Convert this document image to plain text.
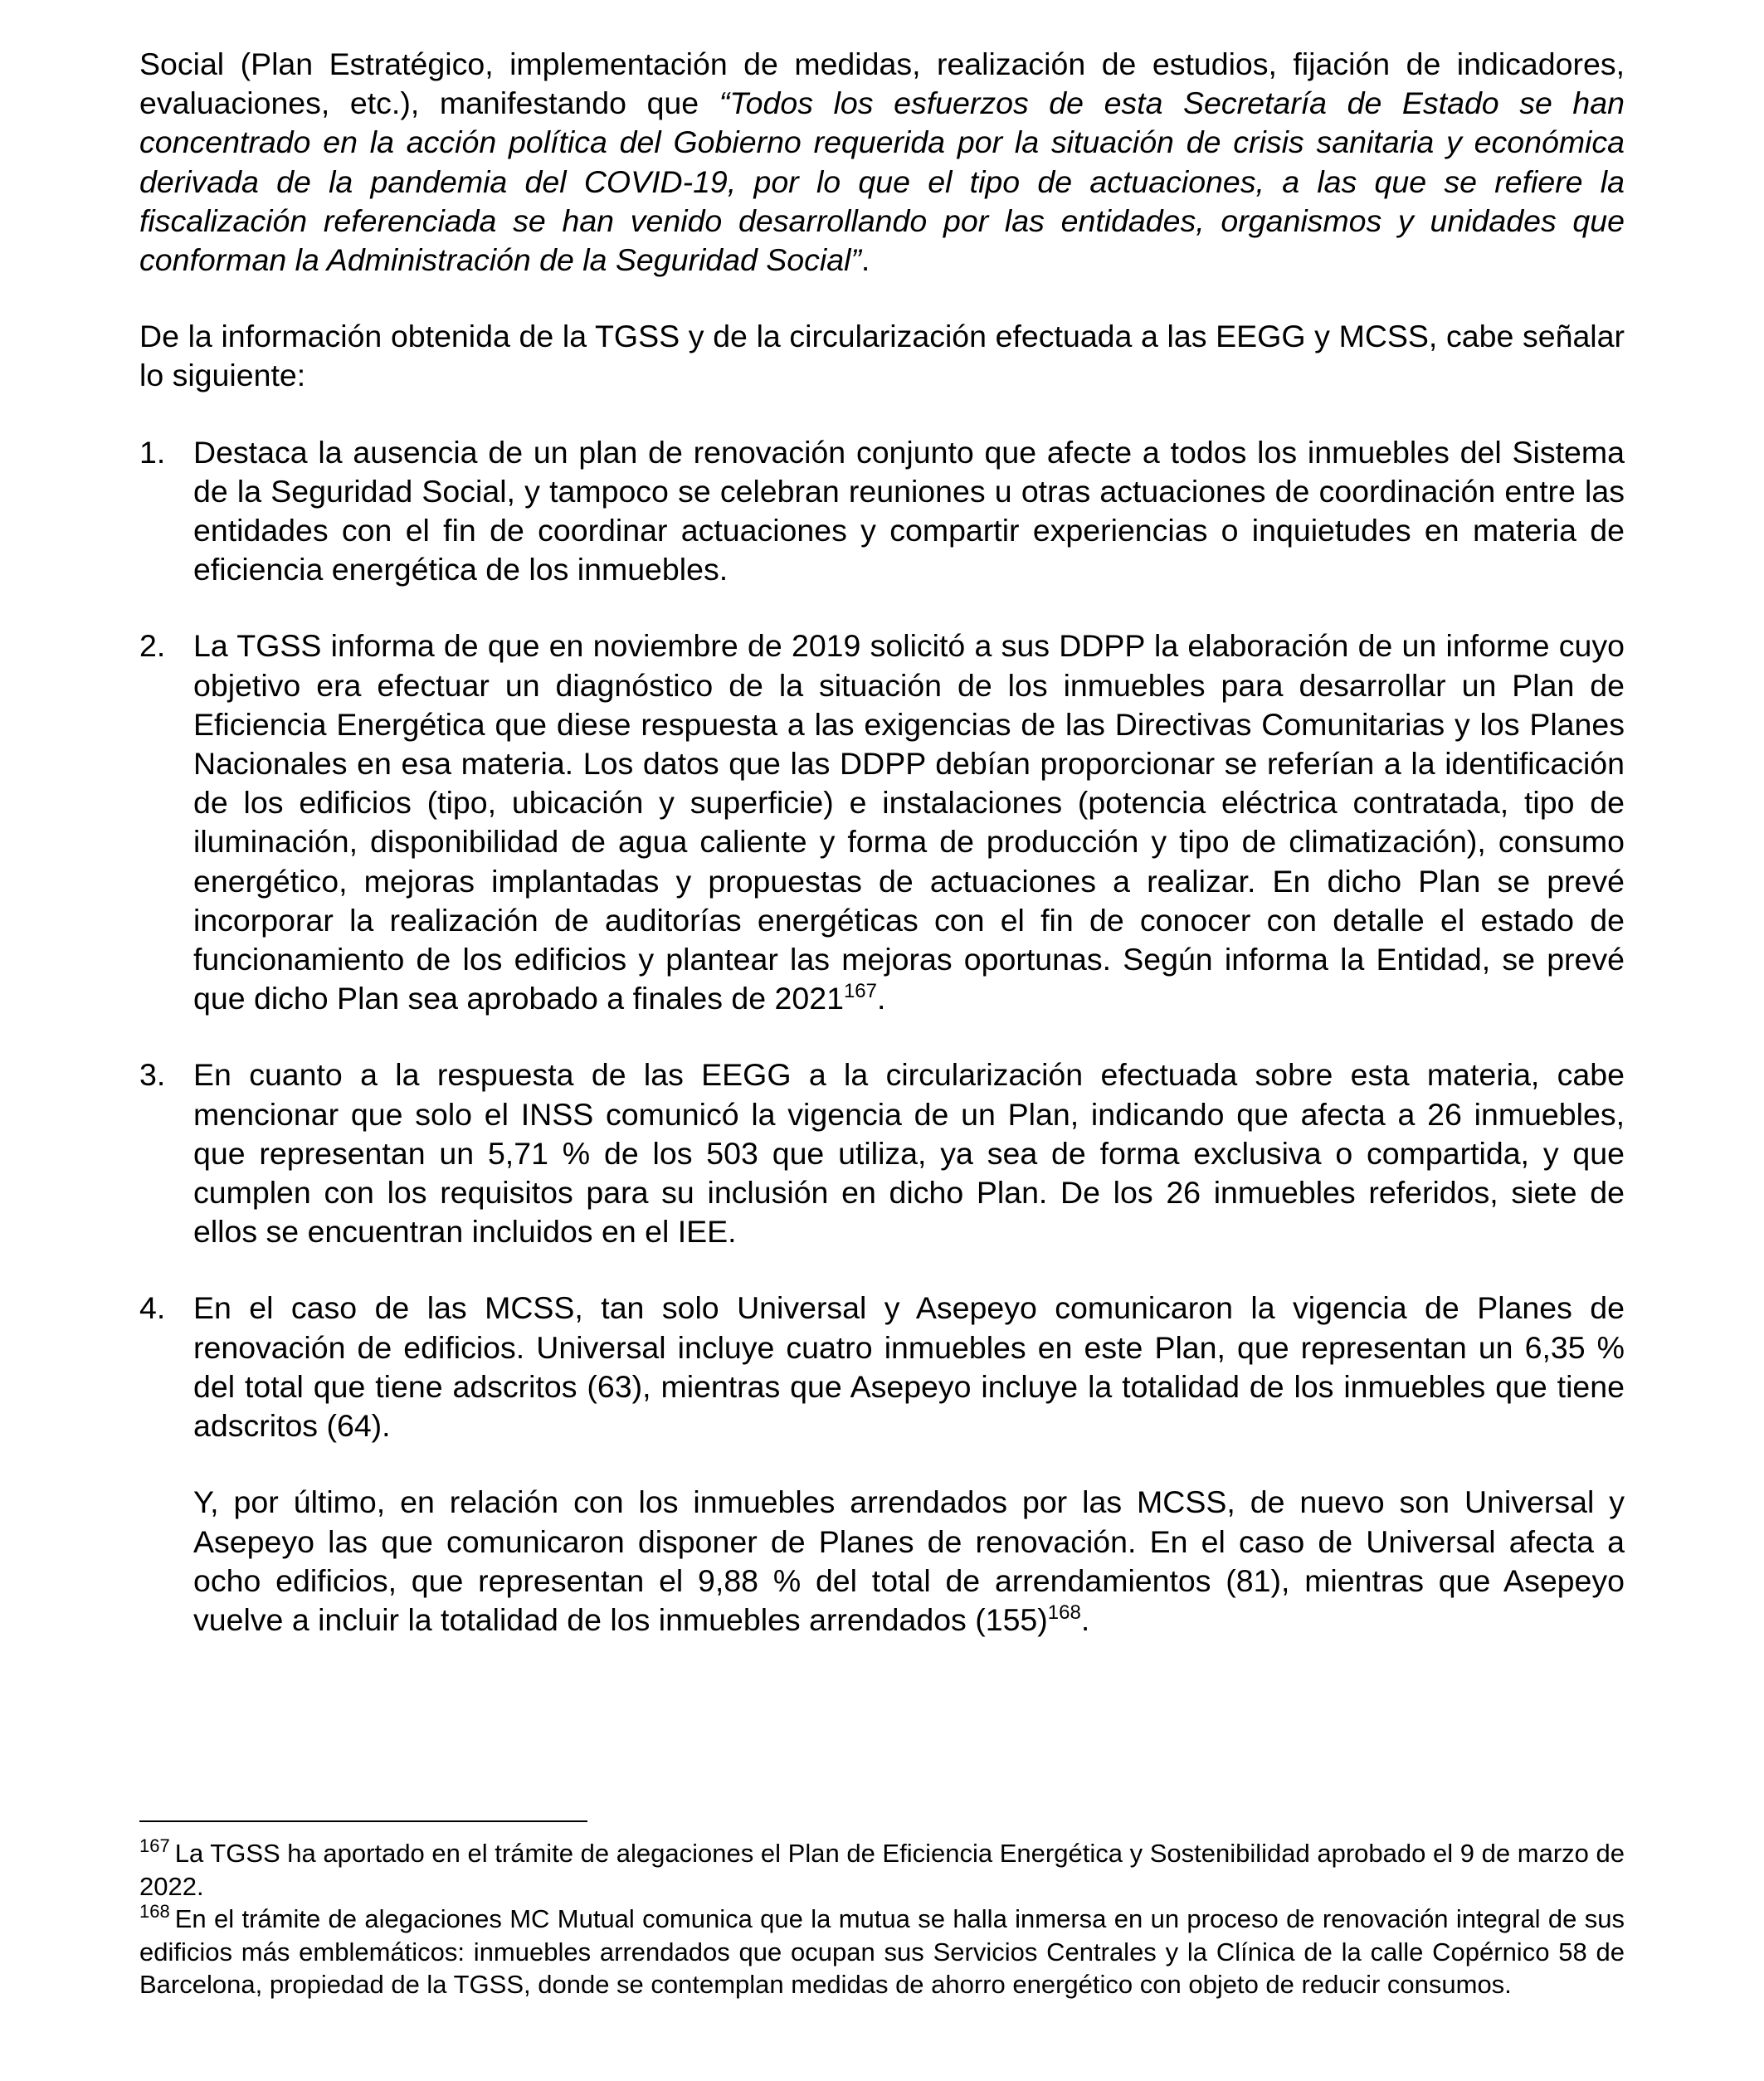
Social (Plan Estratégico, implementación de medidas, realización de estudios, fijación de indicadores, evaluaciones, etc.), manifestando que “Todos los esfuerzos de esta Secretaría de Estado se han concentrado en la acción política del Gobierno requerida por la situación de crisis sanitaria y económica derivada de la pandemia del COVID-19, por lo que el tipo de actuaciones, a las que se refiere la fiscalización referenciada se han venido desarrollando por las entidades, organismos y unidades que conforman la Administración de la Seguridad Social”.

De la información obtenida de la TGSS y de la circularización efectuada a las EEGG y MCSS, cabe señalar lo siguiente:

1. Destaca la ausencia de un plan de renovación conjunto que afecte a todos los inmuebles del Sistema de la Seguridad Social, y tampoco se celebran reuniones u otras actuaciones de coordinación entre las entidades con el fin de coordinar actuaciones y compartir experiencias o inquietudes en materia de eficiencia energética de los inmuebles.

2. La TGSS informa de que en noviembre de 2019 solicitó a sus DDPP la elaboración de un informe cuyo objetivo era efectuar un diagnóstico de la situación de los inmuebles para desarrollar un Plan de Eficiencia Energética que diese respuesta a las exigencias de las Directivas Comunitarias y los Planes Nacionales en esa materia. Los datos que las DDPP debían proporcionar se referían a la identificación de los edificios (tipo, ubicación y superficie) e instalaciones (potencia eléctrica contratada, tipo de iluminación, disponibilidad de agua caliente y forma de producción y tipo de climatización), consumo energético, mejoras implantadas y propuestas de actuaciones a realizar. En dicho Plan se prevé incorporar la realización de auditorías energéticas con el fin de conocer con detalle el estado de funcionamiento de los edificios y plantear las mejoras oportunas. Según informa la Entidad, se prevé que dicho Plan sea aprobado a finales de 2021$^{167}$.

3. En cuanto a la respuesta de las EEGG a la circularización efectuada sobre esta materia, cabe mencionar que solo el INSS comunicó la vigencia de un Plan, indicando que afecta a 26 inmuebles, que representan un 5,71 % de los 503 que utiliza, ya sea de forma exclusiva o compartida, y que cumplen con los requisitos para su inclusión en dicho Plan. De los 26 inmuebles referidos, siete de ellos se encuentran incluidos en el IEE.

4. En el caso de las MCSS, tan solo Universal y Asepeyo comunicaron la vigencia de Planes de renovación de edificios. Universal incluye cuatro inmuebles en este Plan, que representan un 6,35 % del total que tiene adscritos (63), mientras que Asepeyo incluye la totalidad de los inmuebles que tiene adscritos (64).

Y, por último, en relación con los inmuebles arrendados por las MCSS, de nuevo son Universal y Asepeyo las que comunicaron disponer de Planes de renovación. En el caso de Universal afecta a ocho edificios, que representan el 9,88 % del total de arrendamientos (81), mientras que Asepeyo vuelve a incluir la totalidad de los inmuebles arrendados (155)$^{168}$.

$^{167}$ La TGSS ha aportado en el trámite de alegaciones el Plan de Eficiencia Energética y Sostenibilidad aprobado el 9 de marzo de 2022.

$^{168}$ En el trámite de alegaciones MC Mutual comunica que la mutua se halla inmersa en un proceso de renovación integral de sus edificios más emblemáticos: inmuebles arrendados que ocupan sus Servicios Centrales y la Clínica de la calle Copérnico 58 de Barcelona, propiedad de la TGSS, donde se contemplan medidas de ahorro energético con objeto de reducir consumos.
